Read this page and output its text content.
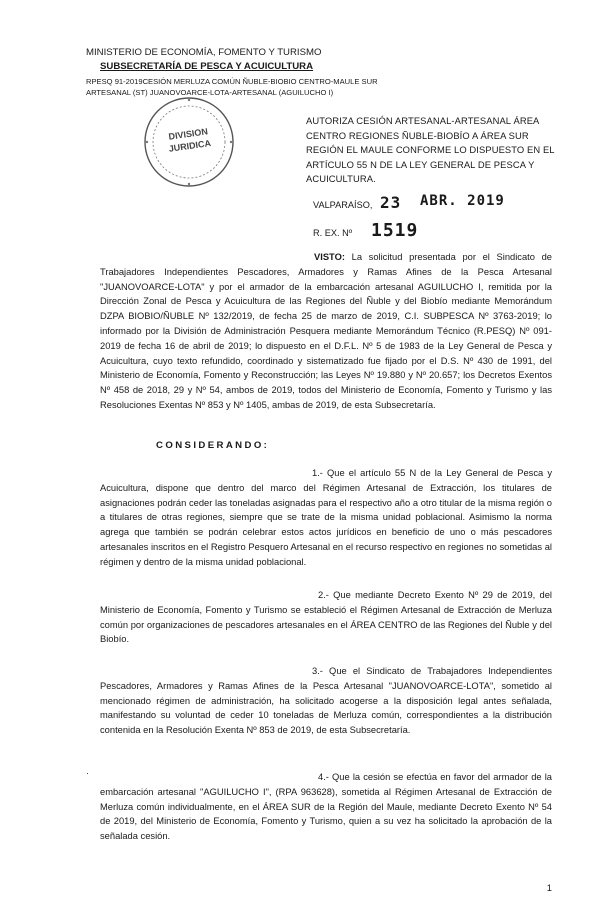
MINISTERIO DE ECONOMÍA, FOMENTO Y TURISMO
SUBSECRETARÍA DE PESCA Y ACUICULTURA
RPESQ 91-2019CESIÓN MERLUZA COMÚN ÑUBLE-BIOBIO CENTRO-MAULE SUR
ARTESANAL (ST) JUANOVOARCE-LOTA-ARTESANAL (AGUILUCHO I)
DIVISION
JURIDICA
AUTORIZA CESIÓN ARTESANAL-ARTESANAL ÁREA CENTRO REGIONES ÑUBLE-BIOBÍO A ÁREA SUR REGIÓN EL MAULE CONFORME LO DISPUESTO EN EL ARTÍCULO 55 N DE LA LEY GENERAL DE PESCA Y ACUICULTURA.
VALPARAÍSO, 23 ABR. 2019
R. EX. Nº 1519
VISTO: La solicitud presentada por el Sindicato de Trabajadores Independientes Pescadores, Armadores y Ramas Afines de la Pesca Artesanal "JUANOVOARCE-LOTA" y por el armador de la embarcación artesanal AGUILUCHO I, remitida por la Dirección Zonal de Pesca y Acuicultura de las Regiones del Ñuble y del Biobío mediante Memorándum DZPA BIOBIO/ÑUBLE Nº 132/2019, de fecha 25 de marzo de 2019, C.I. SUBPESCA Nº 3763-2019; lo informado por la División de Administración Pesquera mediante Memorándum Técnico (R.PESQ) Nº 091-2019 de fecha 16 de abril de 2019; lo dispuesto en el D.F.L. Nº 5 de 1983 de la Ley General de Pesca y Acuicultura, cuyo texto refundido, coordinado y sistematizado fue fijado por el D.S. Nº 430 de 1991, del Ministerio de Economía, Fomento y Reconstrucción; las Leyes Nº 19.880 y Nº 20.657; los Decretos Exentos Nº 458 de 2018, 29 y Nº 54, ambos de 2019, todos del Ministerio de Economía, Fomento y Turismo y las Resoluciones Exentas Nº 853 y Nº 1405, ambas de 2019, de esta Subsecretaría.
CONSIDERANDO:
1.- Que el artículo 55 N de la Ley General de Pesca y Acuicultura, dispone que dentro del marco del Régimen Artesanal de Extracción, los titulares de asignaciones podrán ceder las toneladas asignadas para el respectivo año a otro titular de la misma región o a titulares de otras regiones, siempre que se trate de la misma unidad poblacional. Asimismo la norma agrega que también se podrán celebrar estos actos jurídicos en beneficio de uno o más pescadores artesanales inscritos en el Registro Pesquero Artesanal en el recurso respectivo en regiones no sometidas al régimen y dentro de la misma unidad poblacional.
2.- Que mediante Decreto Exento Nº 29 de 2019, del Ministerio de Economía, Fomento y Turismo se estableció el Régimen Artesanal de Extracción de Merluza común por organizaciones de pescadores artesanales en el ÁREA CENTRO de las Regiones del Ñuble y del Biobío.
3.- Que el Sindicato de Trabajadores Independientes Pescadores, Armadores y Ramas Afines de la Pesca Artesanal "JUANOVOARCE-LOTA", sometido al mencionado régimen de administración, ha solicitado acogerse a la disposición legal antes señalada, manifestando su voluntad de ceder 10 toneladas de Merluza común, correspondientes a la distribución contenida en la Resolución Exenta Nº 853 de 2019, de esta Subsecretaría.
·	4.- Que la cesión se efectúa en favor del armador de la embarcación artesanal "AGUILUCHO I", (RPA 963628), sometida al Régimen Artesanal de Extracción de Merluza común individualmente, en el ÁREA SUR de la Región del Maule, mediante Decreto Exento Nº 54 de 2019, del Ministerio de Economía, Fomento y Turismo, quien a su vez ha solicitado la aprobación de la señalada cesión.
1
